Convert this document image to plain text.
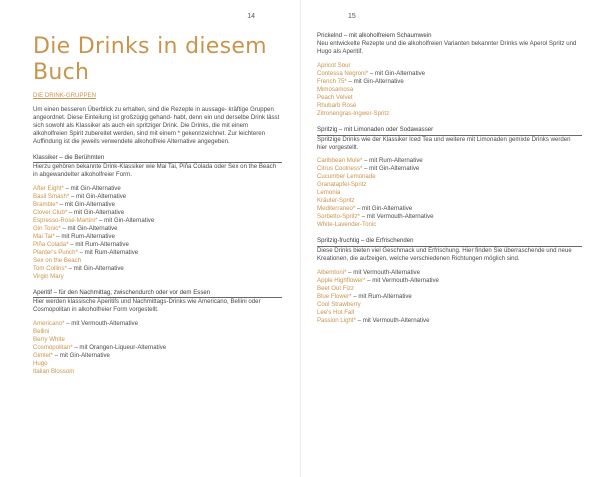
14
Die Drinks in diesem Buch
DIE DRINK-GRUPPEN

Um einen besseren Überblick zu erhalten, sind die Rezepte in aussage- kräftige Gruppen angeordnet. Diese Einteilung ist großzügig gehand- habt, denn ein und derselbe Drink lässt sich sowohl als Klassiker als auch ein spritziger Drink. Die Drinks, die mit einem alkoholfreien Spirit zubereitet werden, sind mit einem * gekennzeichnet. Zur leichteren Auffindung ist die jeweils verwendete alkoholfreie Alternative angegeben.

Klassiker – die Berühmten

Hierzu gehören bekannte Drink-Klassiker wie Mai Tai, Piña Colada oder Sex on the Beach in abgewandelter alkoholfreier Form.

After Eight* – mit Gin-Alternative
Basil Smash* – mit Gin-Alternative
Bramble* – mit Gin-Alternative
Clover Club* – mit Gin-Alternative
Espresso-Rosé-Martini* – mit Gin-Alternative
Gin Tonic* – mit Gin-Alternative
Mai Tai* – mit Rum-Alternative
Piña Colada* – mit Rum-Alternative
Planter's Punch* – mit Rum-Alternative
Sex on the Beach
Tom Collins* – mit Gin-Alternative
Virgin Mary
Aperitif – für den Nachmittag, zwischendurch oder vor dem Essen

Hier werden klassische Aperitifs und Nachmittags-Drinks wie Americano, Bellini oder Cosmopolitan in alkoholfreier Form vorgestellt.

Americano* – mit Vermouth-Alternative
Bellini
Berry White
Cosmopolitan* – mit Orangen-Liqueur-Alternative
Gimlet* – mit Gin-Alternative
Hugo
Italian Blossom
15
Prickelnd – mit alkoholfreiem Schaumwein

Neu entwickelte Rezepte und die alkoholfreien Varianten bekannter Drinks wie Aperol Spritz und Hugo als Aperitif.

Apricot Sour
Contessa Negroni* – mit Gin-Alternative
French 75* – mit Gin-Alternative
Mimosamosa
Peach Velvet
Rhubarb Rosé
Zitronengras-Ingwer-Spritz
Spritzig – mit Limonaden oder Sodawasser

Spritzige Drinks wie der Klassiker Iced Tea und weitere mit Limonaden gemixte Drinks werden hier vorgestellt.

Caribbean Mule* – mit Rum-Alternative
Citrus Coolness* – mit Gin-Alternative
Cucumber Lemonade
Granatapfel-Spritz
Lemonia
Kräuter-Spritz
Mediterraneo* – mit Gin-Alternative
Sorbetto-Spritz* – mit Vermouth-Alternative
White-Lavender-Tonic
Spritzig-fruchtig – die Erfrischenden

Diese Drinks bieten viel Geschmack und Erfrischung. Hier finden Sie überraschende und neue Kreationen, die aufzeigen, welche verschiedenen Richtungen möglich sind.

Albemtoni* – mit Vermouth-Alternative
Apple Highflower* – mit Vermouth-Alternative
Beet Out Fizz
Blue Flower* – mit Rum-Alternative
Cool Strawberry
Lee's Hot Fall
Passion Light* – mit Vermouth-Alternative
